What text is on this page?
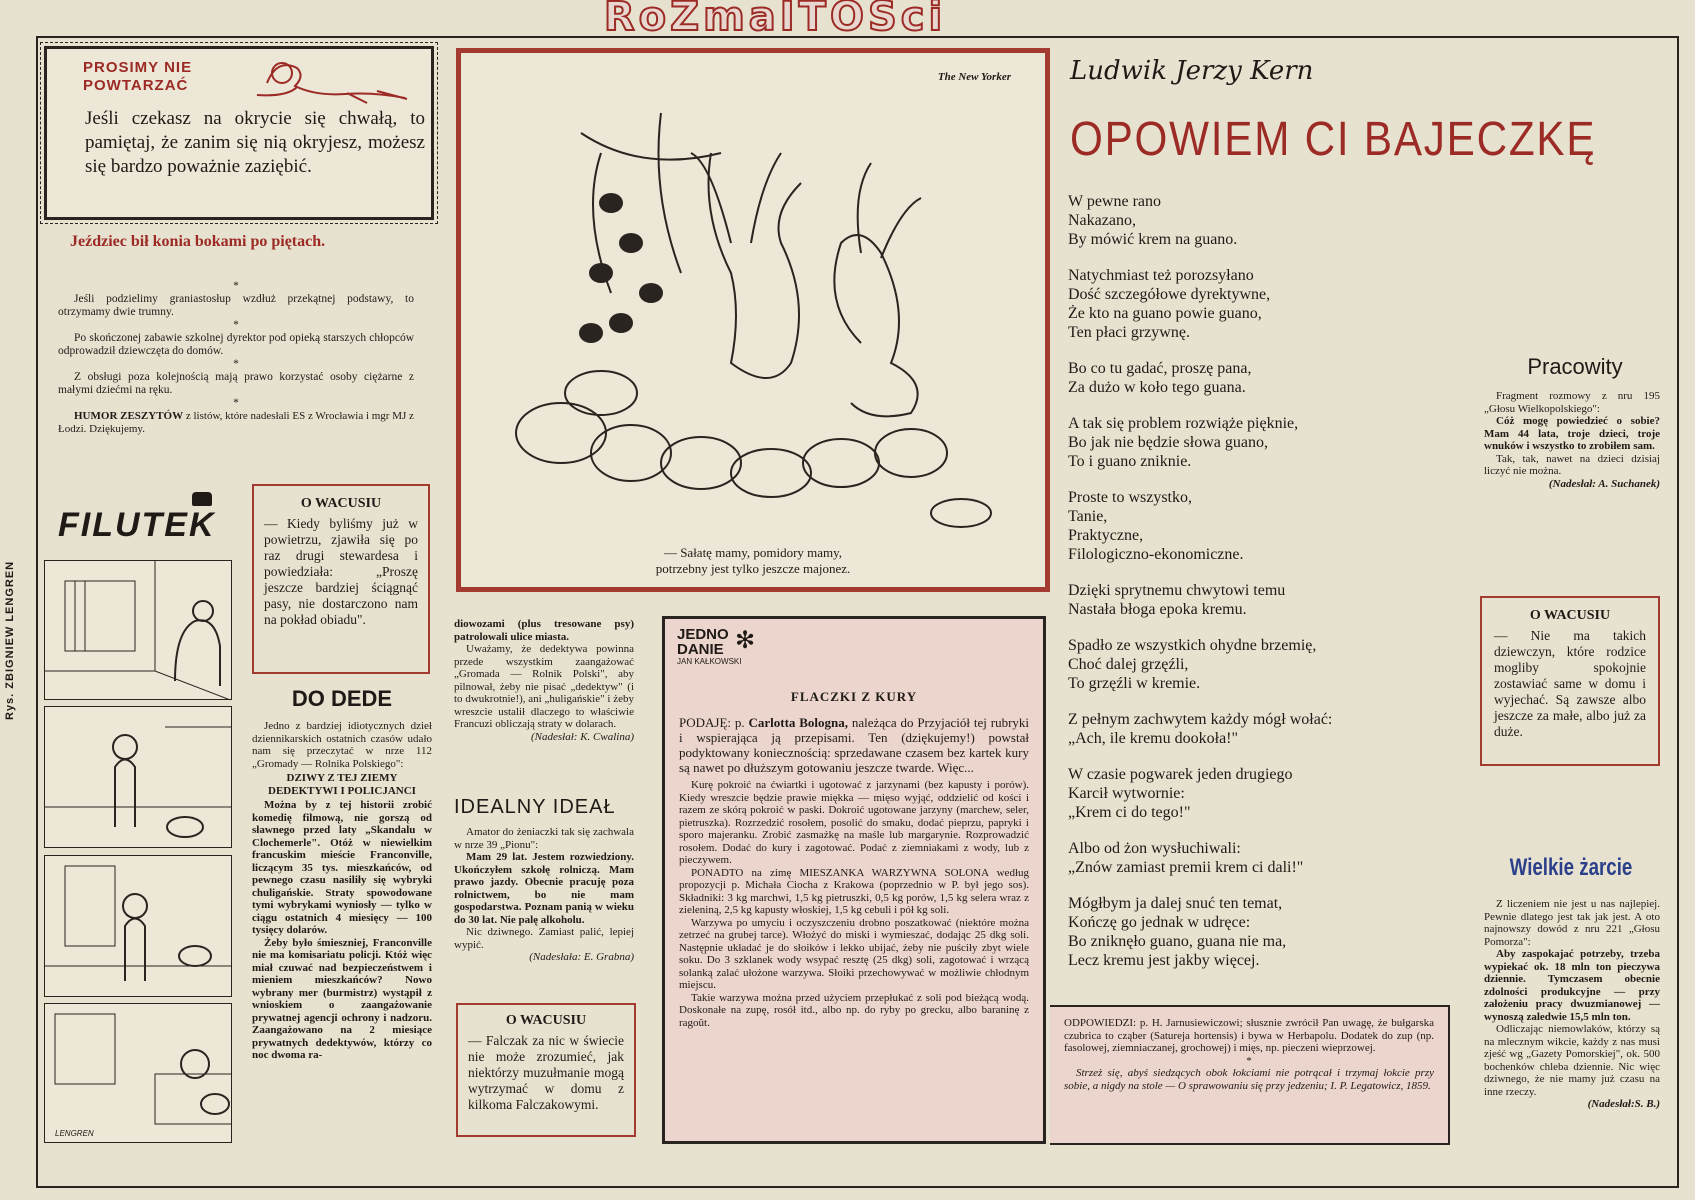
RoZmaITOSci
Rys. ZBIGNIEW LENGREN
PROSIMY NIE
POWTARZAĆ
Jeśli czekasz na okrycie się chwałą, to pamiętaj, że zanim się nią okryjesz, możesz się bardzo poważnie zaziębić.
Jeździec bił konia bokami po piętach.
*
Jeśli podzielimy graniastosłup wzdłuż przekątnej podstawy, to otrzymamy dwie trumny.
*
Po skończonej zabawie szkolnej dyrektor pod opieką starszych chłopców odprowadził dziewczęta do domów.
*
Z obsługi poza kolejnością mają prawo korzystać osoby ciężarne z małymi dziećmi na ręku.
*
HUMOR ZESZYTÓW z listów, które nadesłali ES z Wrocławia i mgr MJ z Łodzi. Dziękujemy.
FILUTEK
LENGREN
O WACUSIU
— Kiedy byliśmy już w powietrzu, zjawiła się po raz drugi stewardesa i powiedziała: „Proszę jeszcze bardziej ściągnąć pasy, nie dostarczono nam na pokład obiadu".
DO DEDE
Jedno z bardziej idiotycznych dzieł dziennikarskich ostatnich czasów udało nam się przeczytać w nrze 112 „Gromady — Rolnika Polskiego":
DZIWY Z TEJ ZIEMY DEDEKTYWI I POLICJANCI
Można by z tej historii zrobić komedię filmową, nie gorszą od sławnego przed laty „Skandalu w Clochemerle". Otóż w niewielkim francuskim mieście Franconville, liczącym 35 tys. mieszkańców, od pewnego czasu nasiliły się wybryki chuligańskie. Straty spowodowane tymi wybrykami wyniosły — tylko w ciągu ostatnich 4 miesięcy — 100 tysięcy dolarów.
Żeby było śmieszniej, Franconville nie ma komisariatu policji. Któż więc miał czuwać nad bezpieczeństwem i mieniem mieszkańców? Nowo wybrany mer (burmistrz) wystąpił z wnioskiem o zaangażowanie prywatnej agencji ochrony i nadzoru. Zaangażowano na 2 miesiące prywatnych dedektywów, którzy co noc dwoma ra-
diowozami (plus tresowane psy) patrolowali ulice miasta.
Uważamy, że dedektywa powinna przede wszystkim zaangażować „Gromada — Rolnik Polski", aby pilnował, żeby nie pisać „dedektyw" (i to dwukrotnie!), ani „huligańskie" i żeby wreszcie ustalił dlaczego to właściwie Francuzi obliczają straty w dolarach.
(Nadesłał: K. Cwalina)
IDEALNY IDEAŁ
Amator do żeniaczki tak się zachwala w nrze 39 „Pionu":
Mam 29 lat. Jestem rozwiedziony. Ukończyłem szkołę rolniczą. Mam prawo jazdy. Obecnie pracuję poza rolnictwem, bo nie mam gospodarstwa. Poznam panią w wieku do 30 lat. Nie palę alkoholu.
Nic dziwnego. Zamiast palić, lepiej wypić.
(Nadesłała: E. Grabna)
O WACUSIU
— Falczak za nic w świecie nie może zrozumieć, jak niektórzy muzułmanie mogą wytrzymać w domu z kilkoma Falczakowymi.
The New Yorker
— Sałatę mamy, pomidory mamy,
potrzebny jest tylko jeszcze majonez.
JEDNO
DANIE
JAN KAŁKOWSKI
✻
FLACZKI Z KURY
PODAJĘ: p. Carlotta Bologna, należąca do Przyjaciół tej rubryki i wspierająca ją przepisami. Ten (dziękujemy!) powstał podyktowany koniecznością: sprzedawane czasem bez kartek kury są nawet po dłuższym gotowaniu jeszcze twarde. Więc...
Kurę pokroić na ćwiartki i ugotować z jarzynami (bez kapusty i porów). Kiedy wreszcie będzie prawie miękka — mięso wyjąć, oddzielić od kości i razem ze skórą pokroić w paski. Dokroić ugotowane jarzyny (marchew, seler, pietruszka). Rozrzedzić rosołem, posolić do smaku, dodać pieprzu, papryki i sporo majeranku. Zrobić zasmażkę na maśle lub margarynie. Rozprowadzić rosołem. Dodać do kury i zagotować. Podać z ziemniakami z wody, lub z pieczywem.
PONADTO na zimę MIESZANKA WARZYWNA SOLONA według propozycji p. Michała Ciocha z Krakowa (poprzednio w P. był jego sos). Składniki: 3 kg marchwi, 1,5 kg pietruszki, 0,5 kg porów, 1,5 kg selera wraz z zieleniną, 2,5 kg kapusty włoskiej, 1,5 kg cebuli i pół kg soli.
Warzywa po umyciu i oczyszczeniu drobno poszatkować (niektóre można zetrzeć na grubej tarce). Włożyć do miski i wymieszać, dodając 25 dkg soli. Następnie układać je do słoików i lekko ubijać, żeby nie puściły zbyt wiele soku. Do 3 szklanek wody wsypać resztę (25 dkg) soli, zagotować i wrzącą solanką zalać ułożone warzywa. Słoiki przechowywać w możliwie chłodnym miejscu.
Takie warzywa można przed użyciem przepłukać z soli pod bieżącą wodą. Doskonałe na zupę, rosół itd., albo np. do ryby po grecku, albo baraninę z ragoût.	ODPOWIEDZI: p. H. Jarnusiewiczowi; słusznie zwrócił Pan uwagę, że bułgarska czubrica to cząber (Satureja hortensis) i bywa w Herbapolu. Dodatek do zup (np. fasolowej, ziemniaczanej, grochowej) i mięs, np. pieczeni wieprzowej.
*
Strzeż się, abyś siedzących obok łokciami nie potrącał i trzymaj łokcie przy sobie, a nigdy na stole — O sprawowaniu się przy jedzeniu; I. P. Legatowicz, 1859.
Ludwik Jerzy Kern
OPOWIEM CI BAJECZKĘ

W pewne rano
Nakazano,
By mówić krem na guano.

Natychmiast też porozsyłano
Dość szczegółowe dyrektywne,
Że kto na guano powie guano,
Ten płaci grzywnę.

Bo co tu gadać, proszę pana,
Za dużo w koło tego guana.

A tak się problem rozwiąże pięknie,
Bo jak nie będzie słowa guano,
To i guano zniknie.

Proste to wszystko,
Tanie,
Praktyczne,
Filologiczno-ekonomiczne.

Dzięki sprytnemu chwytowi temu
Nastała błoga epoka kremu.

Spadło ze wszystkich ohydne brzemię,
Choć dalej grzęźli,
To grzęźli w kremie.

Z pełnym zachwytem każdy mógł wołać:
„Ach, ile kremu dookoła!"

W czasie pogwarek jeden drugiego
Karcił wytwornie:
„Krem ci do tego!"

Albo od żon wysłuchiwali:
„Znów zamiast premii krem ci dali!"

Mógłbym ja dalej snuć ten temat,
Kończę go jednak w udręce:
Bo zniknęło guano, guana nie ma,
Lecz kremu jest jakby więcej.

Pracowity
Fragment rozmowy z nru 195 „Głosu Wielkopolskiego":
Cóż mogę powiedzieć o sobie? Mam 44 lata, troje dzieci, troje wnuków i wszystko to zrobiłem sam.
Tak, tak, nawet na dzieci dzisiaj liczyć nie można.
(Nadesłał: A. Suchanek)
O WACUSIU
— Nie ma takich dziewczyn, które rodzice mogliby spokojnie zostawiać same w domu i wyjechać. Są zawsze albo jeszcze za małe, albo już za duże.
Wielkie żarcie
Z liczeniem nie jest u nas najlepiej. Pewnie dlatego jest tak jak jest. A oto najnowszy dowód z nru 221 „Głosu Pomorza":
Aby zaspokajać potrzeby, trzeba wypiekać ok. 18 mln ton pieczywa dziennie. Tymczasem obecnie zdolności produkcyjne — przy założeniu pracy dwuzmianowej — wynoszą zaledwie 15,5 mln ton.
Odliczając niemowlaków, którzy są na mlecznym wikcie, każdy z nas musi zjeść wg „Gazety Pomorskiej", ok. 500 bochenków chleba dziennie. Nic więc dziwnego, że nie mamy już czasu na inne rzeczy.
(Nadesłał:S. B.)
